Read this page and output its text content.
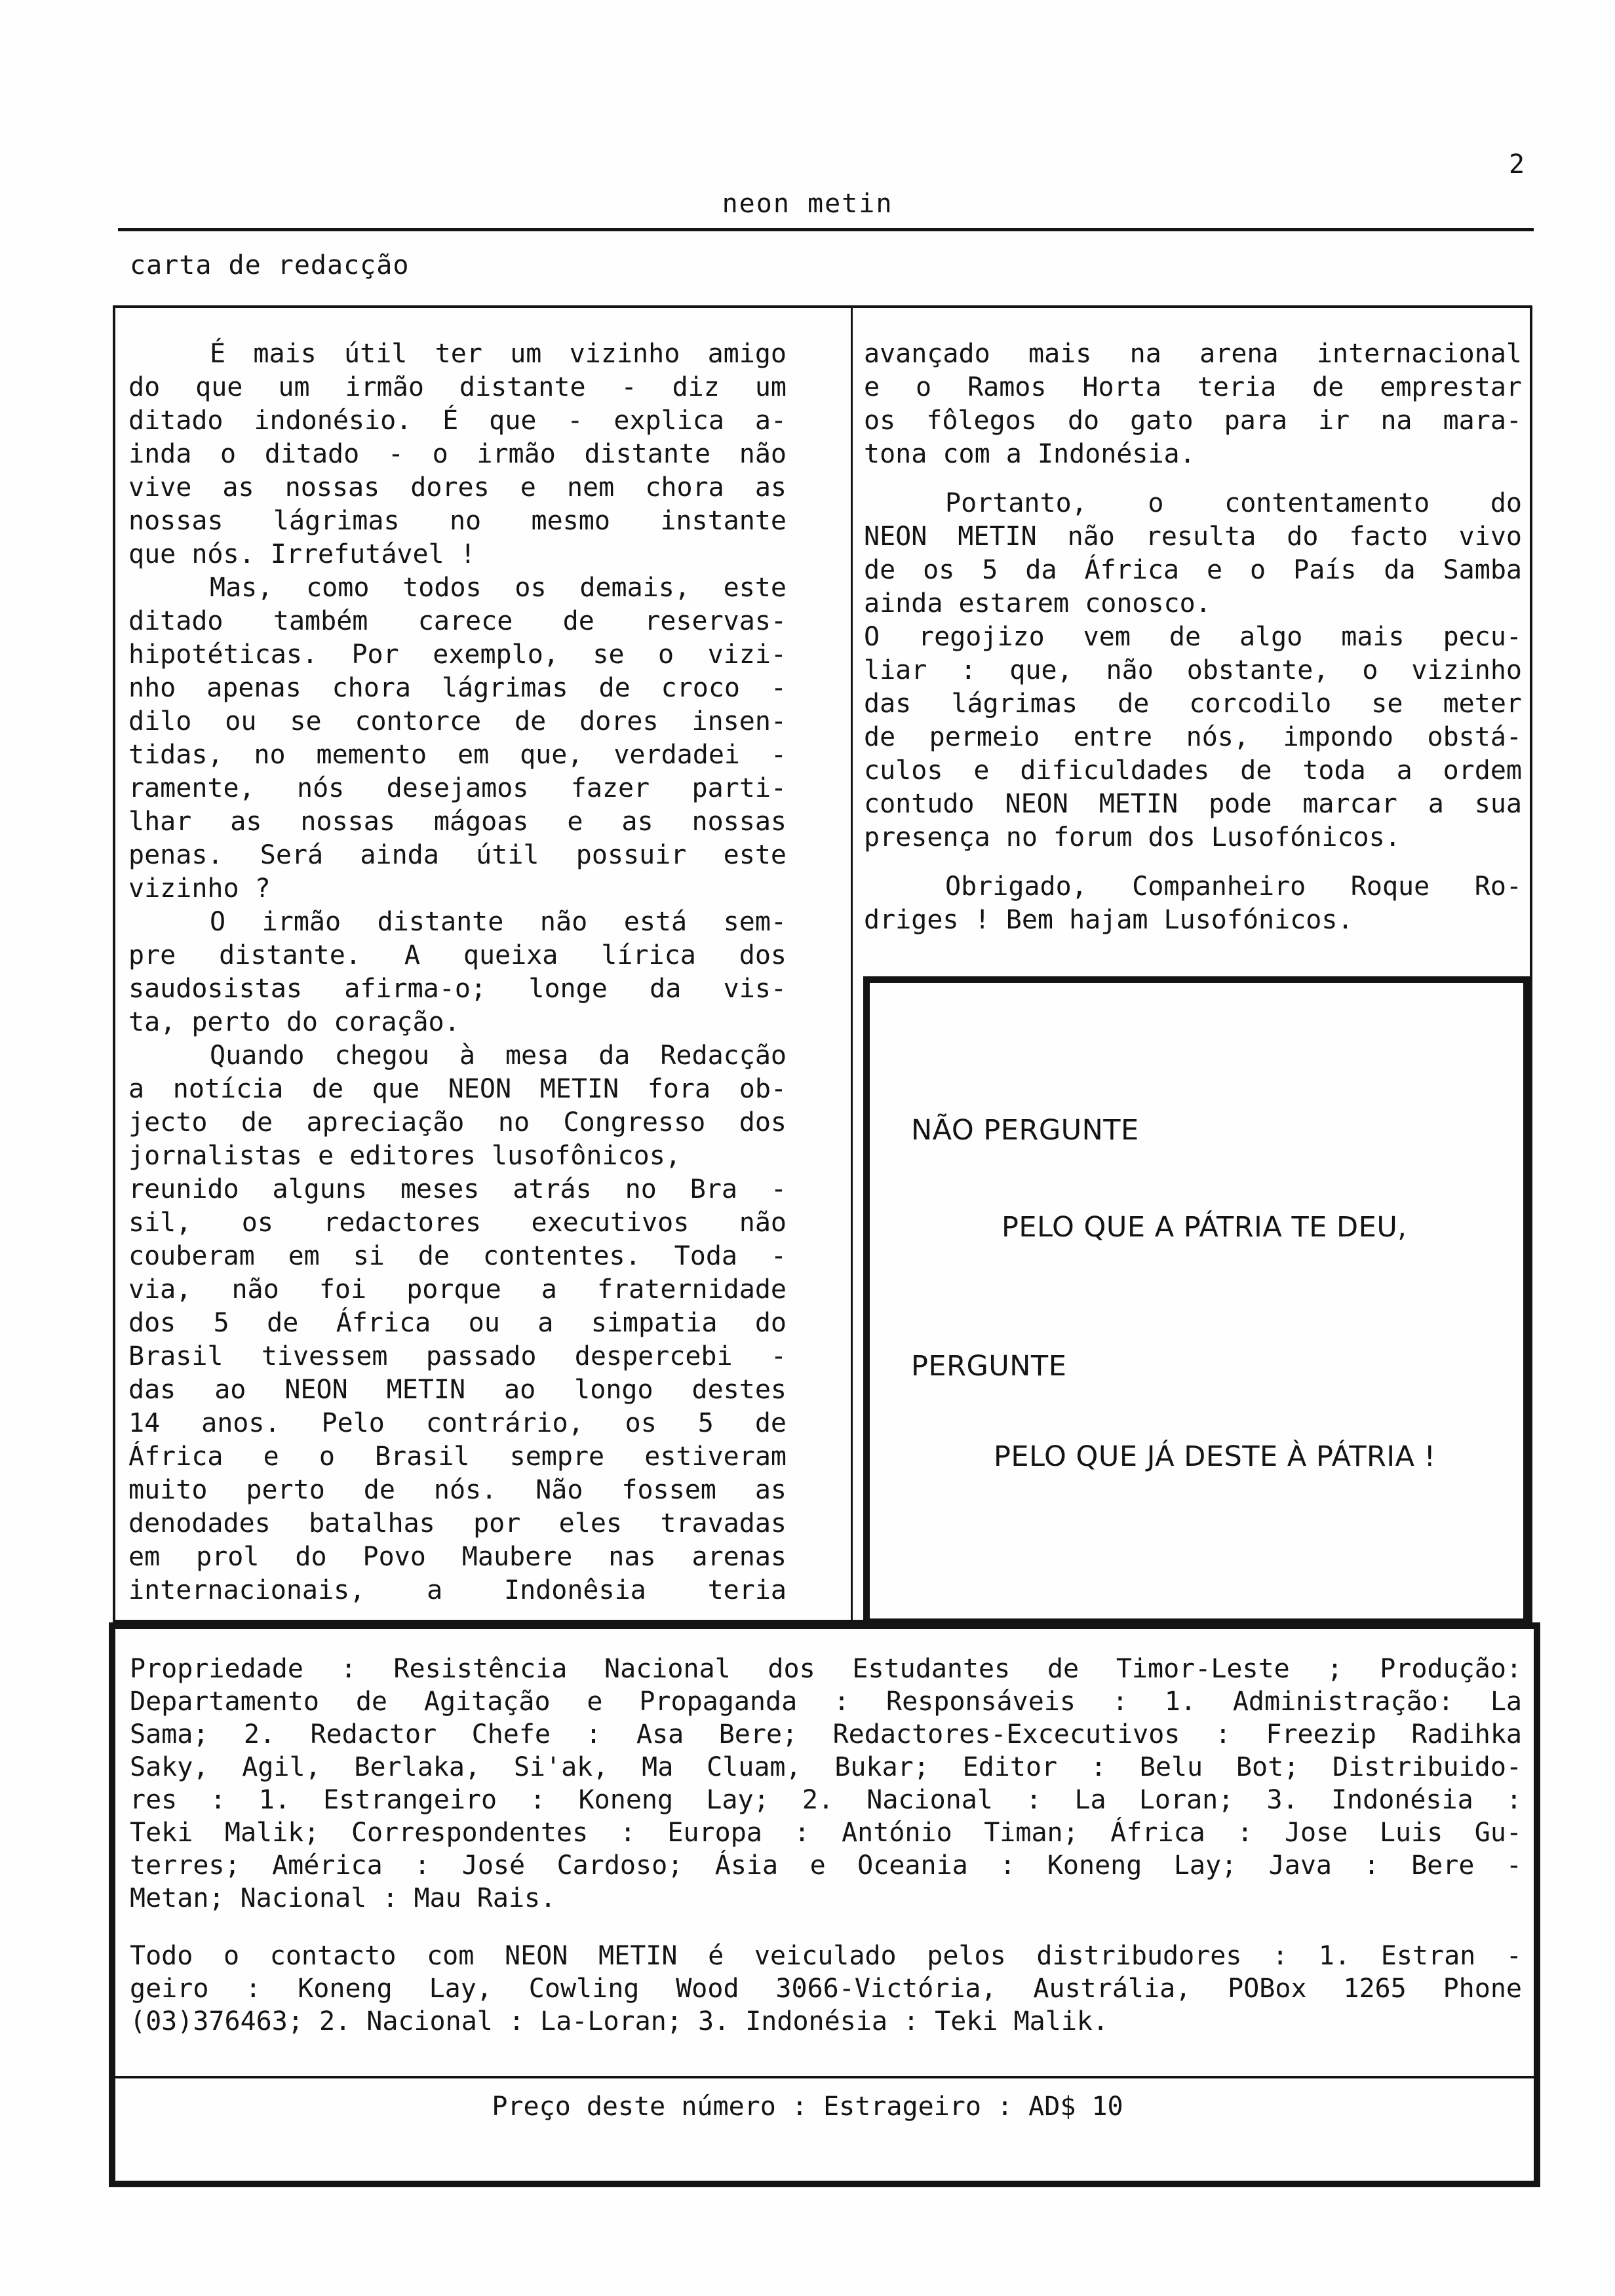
2
neon metin
carta de redacção
É mais útil ter um vizinho amigo
do que um irmão distante - diz um
ditado indonésio. É que - explica a-
inda o ditado - o irmão distante não
vive as nossas dores e nem chora as
nossas lágrimas no mesmo instante
que nós. Irrefutável !
Mas, como todos os demais, este
ditado também carece de reservas-
hipotéticas. Por exemplo, se o vizi-
nho apenas chora lágrimas de croco -
dilo ou se contorce de dores insen-
tidas, no memento em que, verdadei -
ramente, nós desejamos fazer parti-
lhar as nossas mágoas e as nossas
penas. Será ainda útil possuir este
vizinho ?
O irmão distante não está sem-
pre distante. A queixa lírica dos
saudosistas afirma-o; longe da vis-
ta, perto do coração.
Quando chegou à mesa da Redacção
a notícia de que NEON METIN fora ob-
jecto de apreciação no Congresso dos
jornalistas e editores lusofônicos,
reunido alguns meses atrás no Bra -
sil, os redactores executivos não
couberam em si de contentes. Toda -
via, não foi porque a fraternidade
dos 5 de África ou a simpatia do
Brasil tivessem passado despercebi -
das ao NEON METIN ao longo destes
14 anos. Pelo contrário, os 5 de
África e o Brasil sempre estiveram
muito perto de nós. Não fossem as
denodades batalhas por eles travadas
em prol do Povo Maubere nas arenas
internacionais, a Indonêsia teria
avançado mais na arena internacional
e o Ramos Horta teria de emprestar
os fôlegos do gato para ir na mara-
tona com a Indonésia.
Portanto, o contentamento do
NEON METIN não resulta do facto vivo
de os 5 da África e o País da Samba
ainda estarem conosco.
O regojizo vem de algo mais pecu-
liar : que, não obstante, o vizinho
das lágrimas de corcodilo se meter
de permeio entre nós, impondo obstá-
culos e dificuldades de toda a ordem
contudo NEON METIN pode marcar a sua
presença no forum dos Lusofónicos.
Obrigado, Companheiro Roque Ro-
driges ! Bem hajam Lusofónicos.
NÃO PERGUNTE
PELO QUE A PÁTRIA TE DEU,
PERGUNTE
PELO QUE JÁ DESTE À PÁTRIA !
Propriedade : Resistência Nacional dos Estudantes de Timor-Leste ; Produção:
Departamento de Agitação e Propaganda : Responsáveis : 1. Administração: La
Sama; 2. Redactor Chefe : Asa Bere; Redactores-Excecutivos : Freezip Radihka
Saky, Agil, Berlaka, Si'ak, Ma Cluam, Bukar; Editor : Belu Bot; Distribuido-
res : 1. Estrangeiro : Koneng Lay; 2. Nacional : La Loran; 3. Indonésia :
Teki Malik; Correspondentes : Europa : António Timan; África : Jose Luis Gu-
terres; América : José Cardoso; Ásia e Oceania : Koneng Lay; Java : Bere -
Metan; Nacional : Mau Rais.
Todo o contacto com NEON METIN é veiculado pelos distribudores : 1. Estran -
geiro : Koneng Lay, Cowling Wood 3066-Victória, Austrália, POBox 1265 Phone
(03)376463; 2. Nacional : La-Loran; 3. Indonésia : Teki Malik.
Preço deste número : Estrageiro : AD$ 10
